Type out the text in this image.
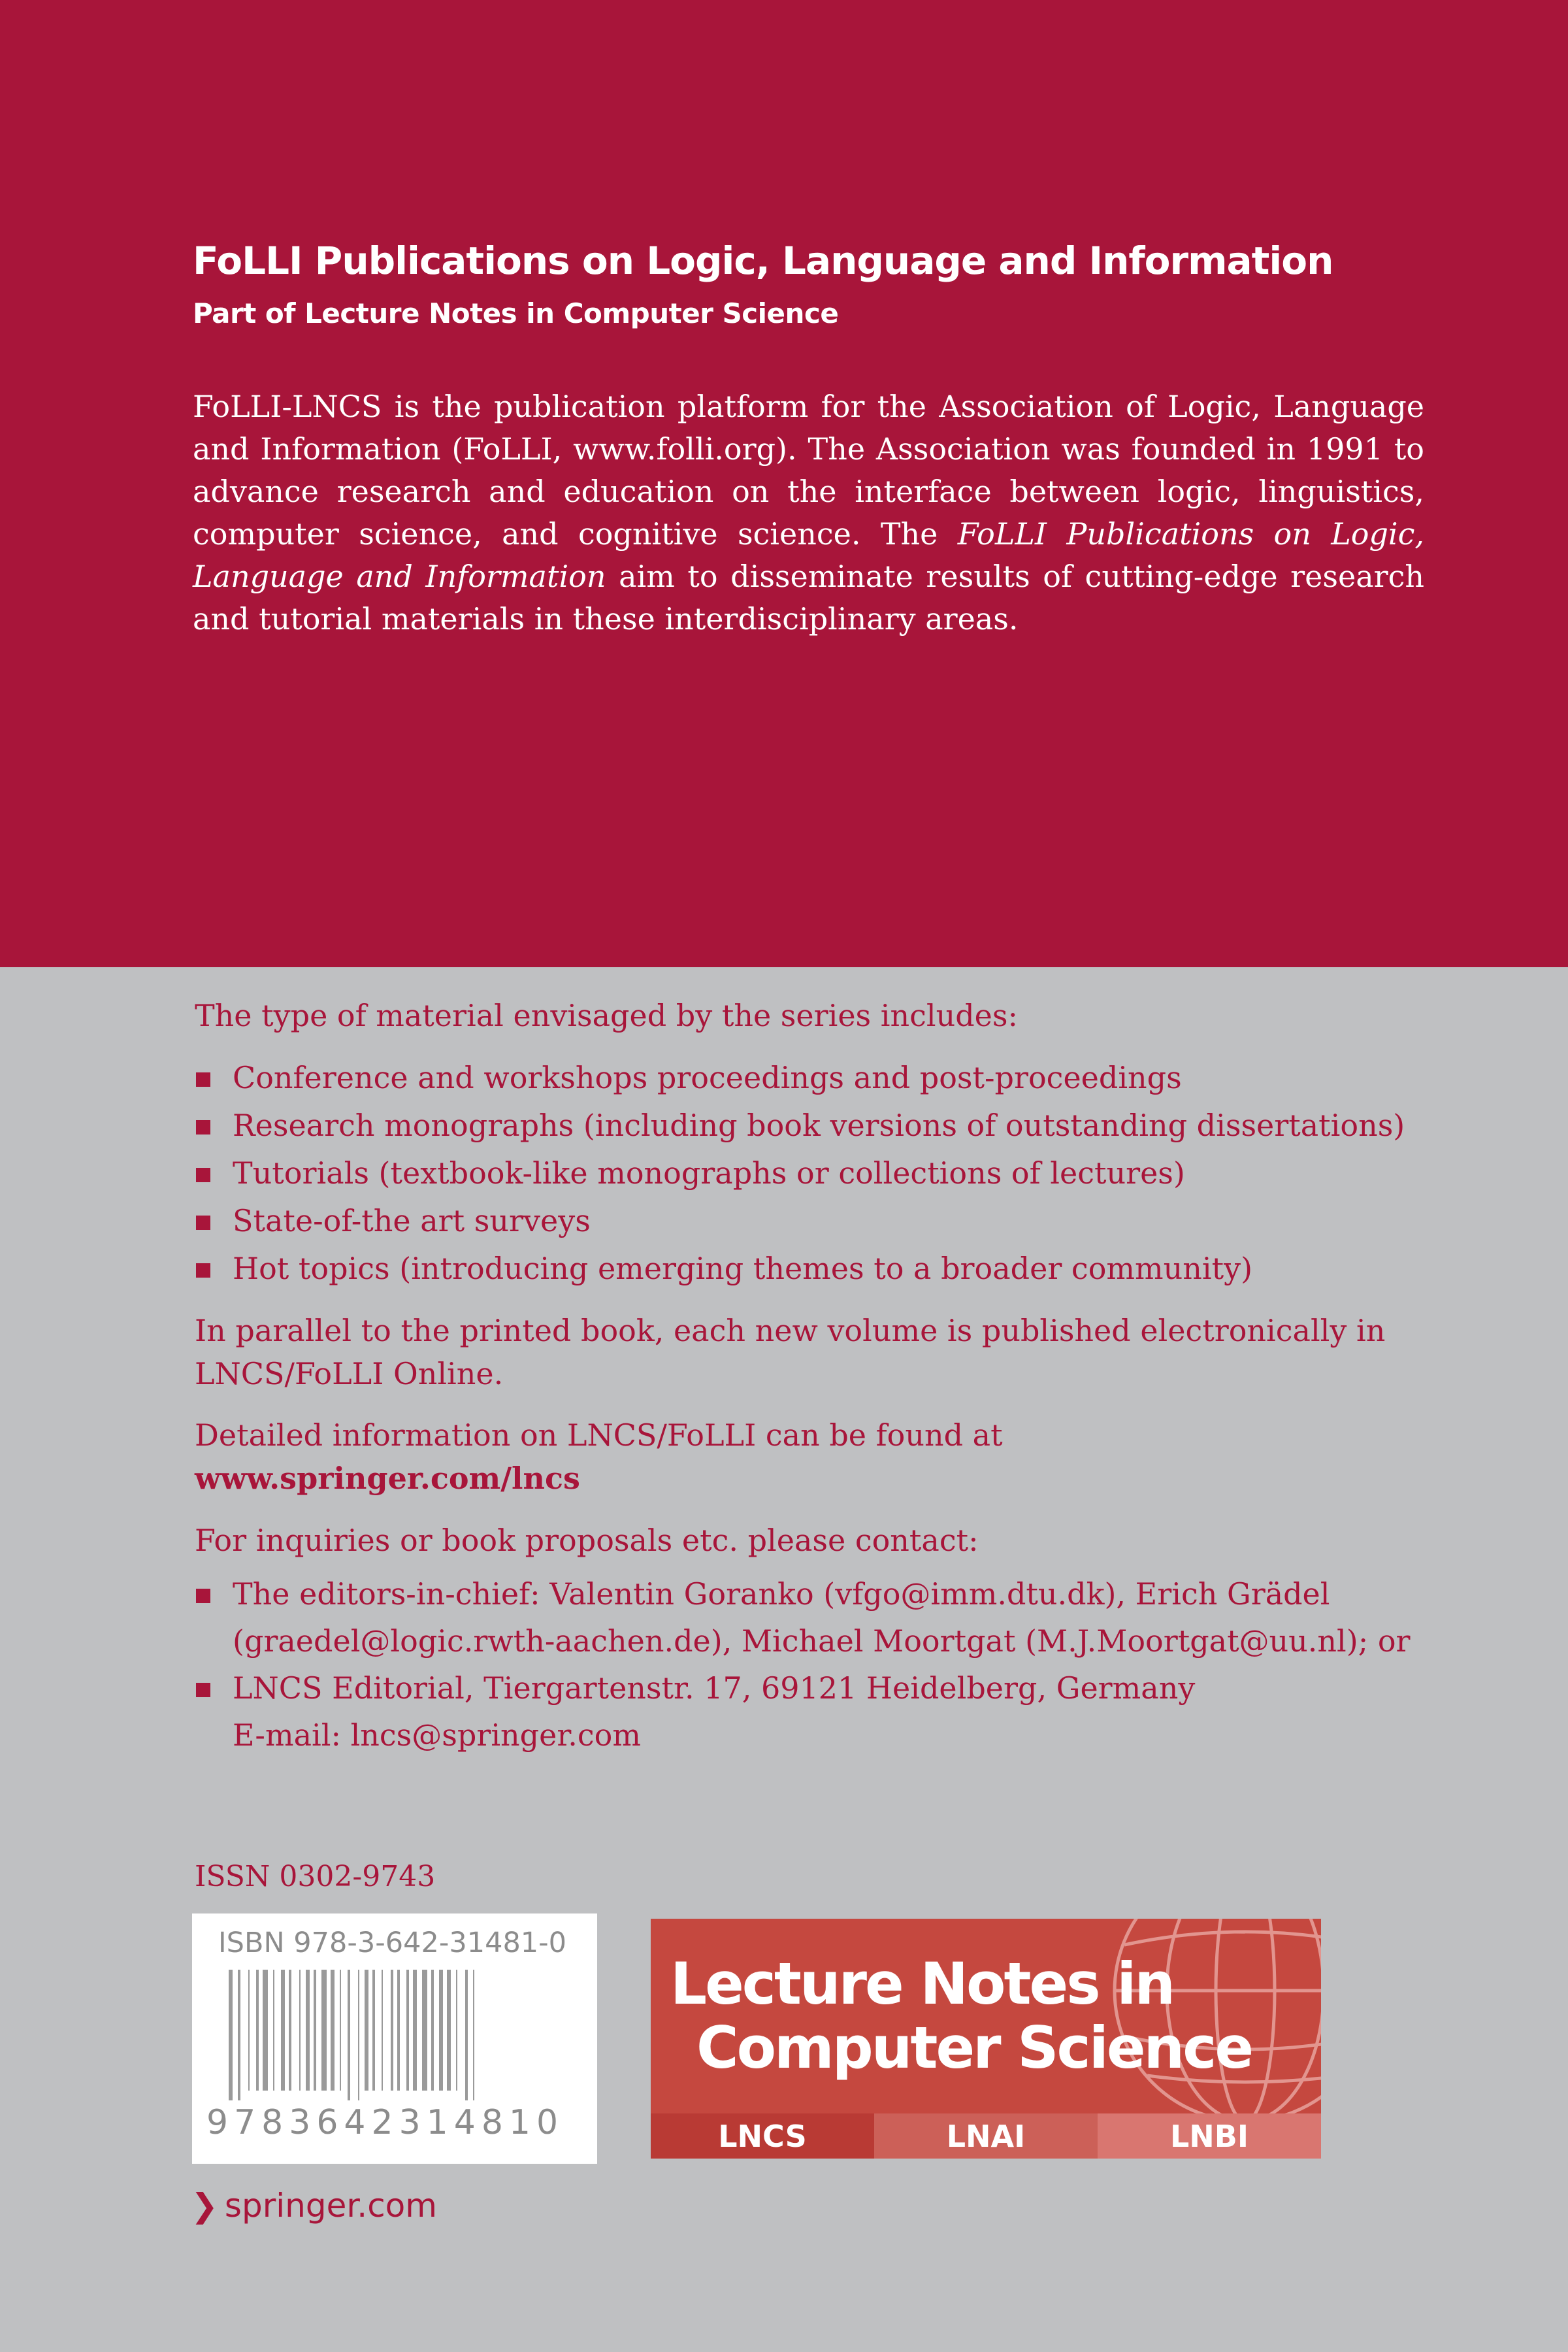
FoLLI Publications on Logic, Language and Information
Part of Lecture Notes in Computer Science
FoLLI-LNCS is the publication platform for the Association of Logic, Language and Information (FoLLI, www.folli.org). The Association was founded in 1991 to advance research and education on the interface between logic, linguistics, computer science, and cognitive science. The FoLLI Publications on Logic, Language and Information aim to disseminate results of cutting-edge research and tutorial materials in these interdisciplinary areas.
The type of material envisaged by the series includes:
Conference and workshops proceedings and post-proceedings
Research monographs (including book versions of outstanding dissertations)
Tutorials (textbook-like monographs or collections of lectures)
State-of-the art surveys
Hot topics (introducing emerging themes to a broader community)
In parallel to the printed book, each new volume is published electronically in LNCS/FoLLI Online.
Detailed information on LNCS/FoLLI can be found at
www.springer.com/lncs
For inquiries or book proposals etc. please contact:
The editors-in-chief: Valentin Goranko (vfgo@imm.dtu.dk), Erich Grädel (graedel@logic.rwth-aachen.de), Michael Moortgat (M.J.Moortgat@uu.nl); or
LNCS Editorial, Tiergartenstr. 17, 69121 Heidelberg, Germany
E-mail: lncs@springer.com
ISSN 0302-9743
ISBN 978-3-642-31481-0
9783642314810
Lecture Notes in
Computer Science
LNCS	LNAI	LNBI
❯ springer.com
